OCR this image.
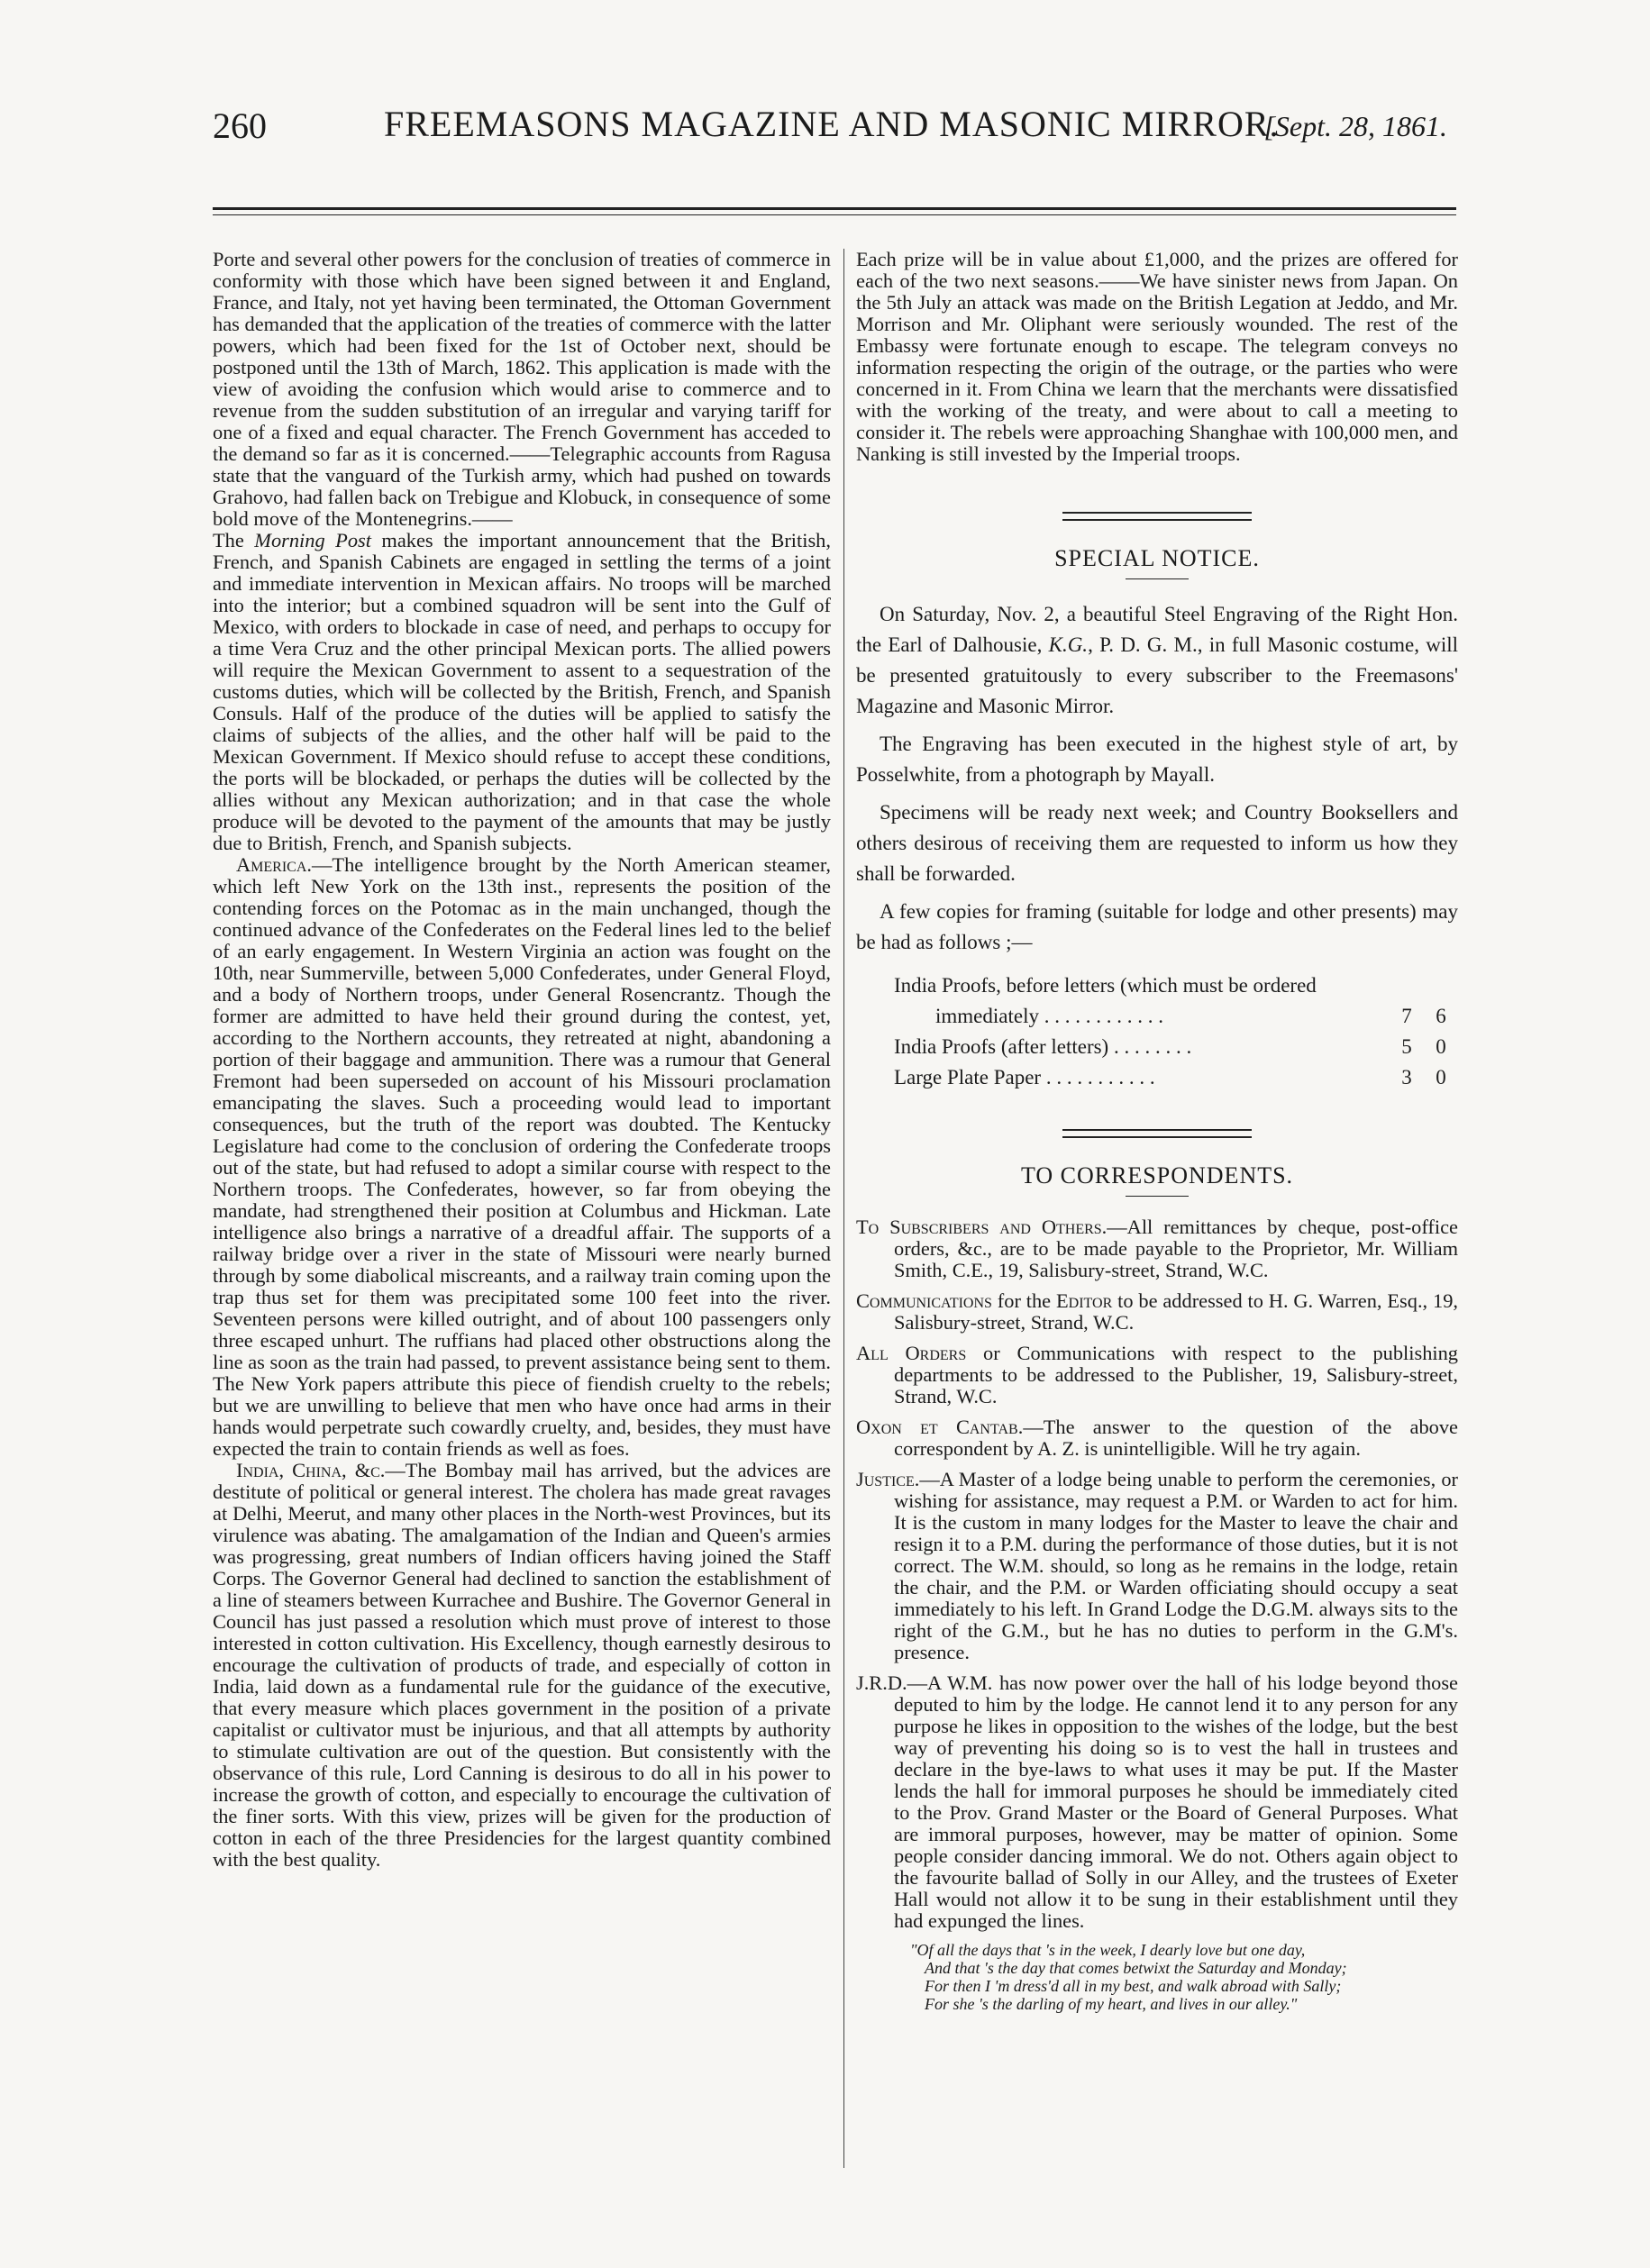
260	FREEMASONS MAGAZINE AND MASONIC MIRROR.
[Sept. 28, 1861.

Porte and several other powers for the conclusion of treaties of commerce in conformity with those which have been signed between it and England, France, and Italy, not yet having been terminated, the Ottoman Government has demanded that the application of the treaties of commerce with the latter powers, which had been fixed for the 1st of October next, should be postponed until the 13th of March, 1862. This application is made with the view of avoiding the confusion which would arise to commerce and to revenue from the sudden substitution of an irregular and varying tariff for one of a fixed and equal character. The French Government has acceded to the demand so far as it is concerned.——Telegraphic accounts from Ragusa state that the vanguard of the Turkish army, which had pushed on towards Grahovo, had fallen back on Trebigue and Klobuck, in consequence of some bold move of the Montenegrins.——

The Morning Post makes the important announcement that the British, French, and Spanish Cabinets are engaged in settling the terms of a joint and immediate intervention in Mexican affairs. No troops will be marched into the interior; but a combined squadron will be sent into the Gulf of Mexico, with orders to blockade in case of need, and perhaps to occupy for a time Vera Cruz and the other principal Mexican ports. The allied powers will require the Mexican Government to assent to a sequestration of the customs duties, which will be collected by the British, French, and Spanish Consuls. Half of the produce of the duties will be applied to satisfy the claims of subjects of the allies, and the other half will be paid to the Mexican Government. If Mexico should refuse to accept these conditions, the ports will be blockaded, or perhaps the duties will be collected by the allies without any Mexican authorization; and in that case the whole produce will be devoted to the payment of the amounts that may be justly due to British, French, and Spanish subjects.

America.—The intelligence brought by the North American steamer, which left New York on the 13th inst., represents the position of the contending forces on the Potomac as in the main unchanged, though the continued advance of the Confederates on the Federal lines led to the belief of an early engagement. In Western Virginia an action was fought on the 10th, near Summerville, between 5,000 Confederates, under General Floyd, and a body of Northern troops, under General Rosencrantz. Though the former are admitted to have held their ground during the contest, yet, according to the Northern accounts, they retreated at night, abandoning a portion of their baggage and ammunition. There was a rumour that General Fremont had been superseded on account of his Missouri proclamation emancipating the slaves. Such a proceeding would lead to important consequences, but the truth of the report was doubted. The Kentucky Legislature had come to the conclusion of ordering the Confederate troops out of the state, but had refused to adopt a similar course with respect to the Northern troops. The Confederates, however, so far from obeying the mandate, had strengthened their position at Columbus and Hickman. Late intelligence also brings a narrative of a dreadful affair. The supports of a railway bridge over a river in the state of Missouri were nearly burned through by some diabolical miscreants, and a railway train coming upon the trap thus set for them was precipitated some 100 feet into the river. Seventeen persons were killed outright, and of about 100 passengers only three escaped unhurt. The ruffians had placed other obstructions along the line as soon as the train had passed, to prevent assistance being sent to them. The New York papers attribute this piece of fiendish cruelty to the rebels; but we are unwilling to believe that men who have once had arms in their hands would perpetrate such cowardly cruelty, and, besides, they must have expected the train to contain friends as well as foes.

India, China, &c.—The Bombay mail has arrived, but the advices are destitute of political or general interest. The cholera has made great ravages at Delhi, Meerut, and many other places in the North-west Provinces, but its virulence was abating. The amalgamation of the Indian and Queen's armies was progressing, great numbers of Indian officers having joined the Staff Corps. The Governor General had declined to sanction the establishment of a line of steamers between Kurrachee and Bushire. The Governor General in Council has just passed a resolution which must prove of interest to those interested in cotton cultivation. His Excellency, though earnestly desirous to encourage the cultivation of products of trade, and especially of cotton in India, laid down as a fundamental rule for the guidance of the executive, that every measure which places government in the position of a private capitalist or cultivator must be injurious, and that all attempts by authority to stimulate cultivation are out of the question. But consistently with the observance of this rule, Lord Canning is desirous to do all in his power to increase the growth of cotton, and especially to encourage the cultivation of the finer sorts. With this view, prizes will be given for the production of cotton in each of the three Presidencies for the largest quantity combined with the best quality.

Each prize will be in value about £1,000, and the prizes are offered for each of the two next seasons.——We have sinister news from Japan. On the 5th July an attack was made on the British Legation at Jeddo, and Mr. Morrison and Mr. Oliphant were seriously wounded. The rest of the Embassy were fortunate enough to escape. The telegram conveys no information respecting the origin of the outrage, or the parties who were concerned in it. From China we learn that the merchants were dissatisfied with the working of the treaty, and were about to call a meeting to consider it. The rebels were approaching Shanghae with 100,000 men, and Nanking is still invested by the Imperial troops.

SPECIAL NOTICE.

On Saturday, Nov. 2, a beautiful Steel Engraving of the Right Hon. the Earl of Dalhousie, K.G., P. D. G. M., in full Masonic costume, will be presented gratuitously to every subscriber to the Freemasons' Magazine and Masonic Mirror.

The Engraving has been executed in the highest style of art, by Posselwhite, from a photograph by Mayall.

Specimens will be ready next week; and Country Booksellers and others desirous of receiving them are requested to inform us how they shall be forwarded.

A few copies for framing (suitable for lodge and other presents) may be had as follows ;—

India Proofs, before letters (which must be ordered
immediately . . . . . . . . . . . .	7	6
India Proofs (after letters) . . . . . . . .	5	0
Large Plate Paper . . . . . . . . . . .	3	0
TO CORRESPONDENTS.

To Subscribers and Others.—All remittances by cheque, post-office orders, &c., are to be made payable to the Proprietor, Mr. William Smith, C.E., 19, Salisbury-street, Strand, W.C.

Communications for the Editor to be addressed to H. G. Warren, Esq., 19, Salisbury-street, Strand, W.C.

All Orders or Communications with respect to the publishing departments to be addressed to the Publisher, 19, Salisbury-street, Strand, W.C.

Oxon et Cantab.—The answer to the question of the above correspondent by A. Z. is unintelligible. Will he try again.

Justice.—A Master of a lodge being unable to perform the ceremonies, or wishing for assistance, may request a P.M. or Warden to act for him. It is the custom in many lodges for the Master to leave the chair and resign it to a P.M. during the performance of those duties, but it is not correct. The W.M. should, so long as he remains in the lodge, retain the chair, and the P.M. or Warden officiating should occupy a seat immediately to his left. In Grand Lodge the D.G.M. always sits to the right of the G.M., but he has no duties to perform in the G.M's. presence.

J.R.D.—A W.M. has now power over the hall of his lodge beyond those deputed to him by the lodge. He cannot lend it to any person for any purpose he likes in opposition to the wishes of the lodge, but the best way of preventing his doing so is to vest the hall in trustees and declare in the bye-laws to what uses it may be put. If the Master lends the hall for immoral purposes he should be immediately cited to the Prov. Grand Master or the Board of General Purposes. What are immoral purposes, however, may be matter of opinion. Some people consider dancing immoral. We do not. Others again object to the favourite ballad of Solly in our Alley, and the trustees of Exeter Hall would not allow it to be sung in their establishment until they had expunged the lines.

"Of all the days that 's in the week, I dearly love but one day,
And that 's the day that comes betwixt the Saturday and Monday;
For then I 'm dress'd all in my best, and walk abroad with Sally;
For she 's the darling of my heart, and lives in our alley."
